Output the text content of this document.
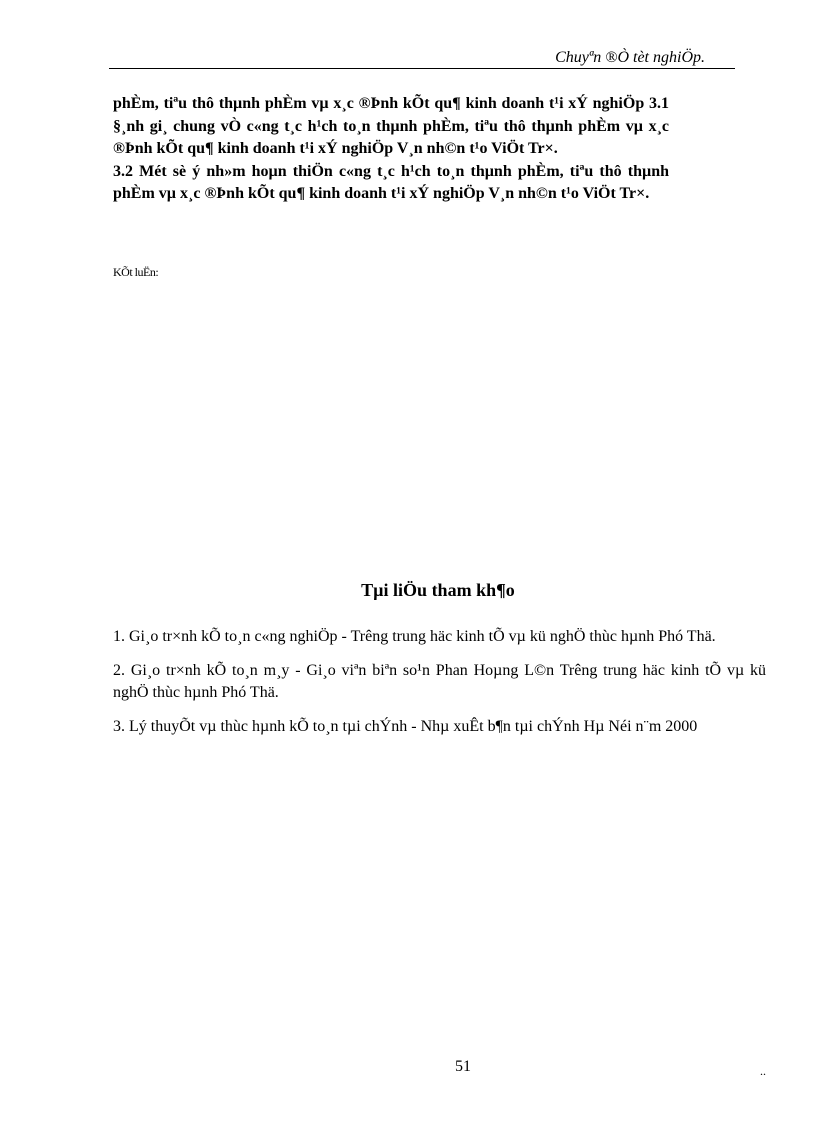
Chuyªn ®Ò tèt nghiÖp.

phÈm, tiªu thô thµnh phÈm vµ x¸c ®Þnh kÕt qu¶ kinh doanh t¹i xÝ nghiÖp 3.1 §¸nh gi¸ chung vÒ c«ng t¸c h¹ch to¸n thµnh phÈm, tiªu thô thµnh phÈm vµ x¸c ®Þnh kÕt qu¶ kinh doanh t¹i xÝ nghiÖp V¸n nh©n t¹o ViÖt Tr×.

3.2 Mét sè ý nh»m hoµn thiÖn c«ng t¸c h¹ch to¸n thµnh phÈm, tiªu thô thµnh phÈm vµ x¸c ®Þnh kÕt qu¶ kinh doanh t¹i xÝ nghiÖp V¸n nh©n t¹o ViÖt Tr×.

KÕt luËn:
Tµi liÖu tham kh¶o

1. Gi¸o tr×nh kÕ to¸n c«ng nghiÖp - Trêng trung häc kinh tÕ vµ kü nghÖ thùc hµnh Phó Thä.

2. Gi¸o tr×nh kÕ to¸n m¸y - Gi¸o viªn biªn so¹n Phan Hoµng L©n Trêng trung häc kinh tÕ vµ kü nghÖ thùc hµnh Phó Thä.

3. Lý thuyÕt vµ thùc hµnh kÕ to¸n tµi chÝnh - Nhµ xuÊt b¶n tµi chÝnh Hµ Néi n¨m 2000

51	..
